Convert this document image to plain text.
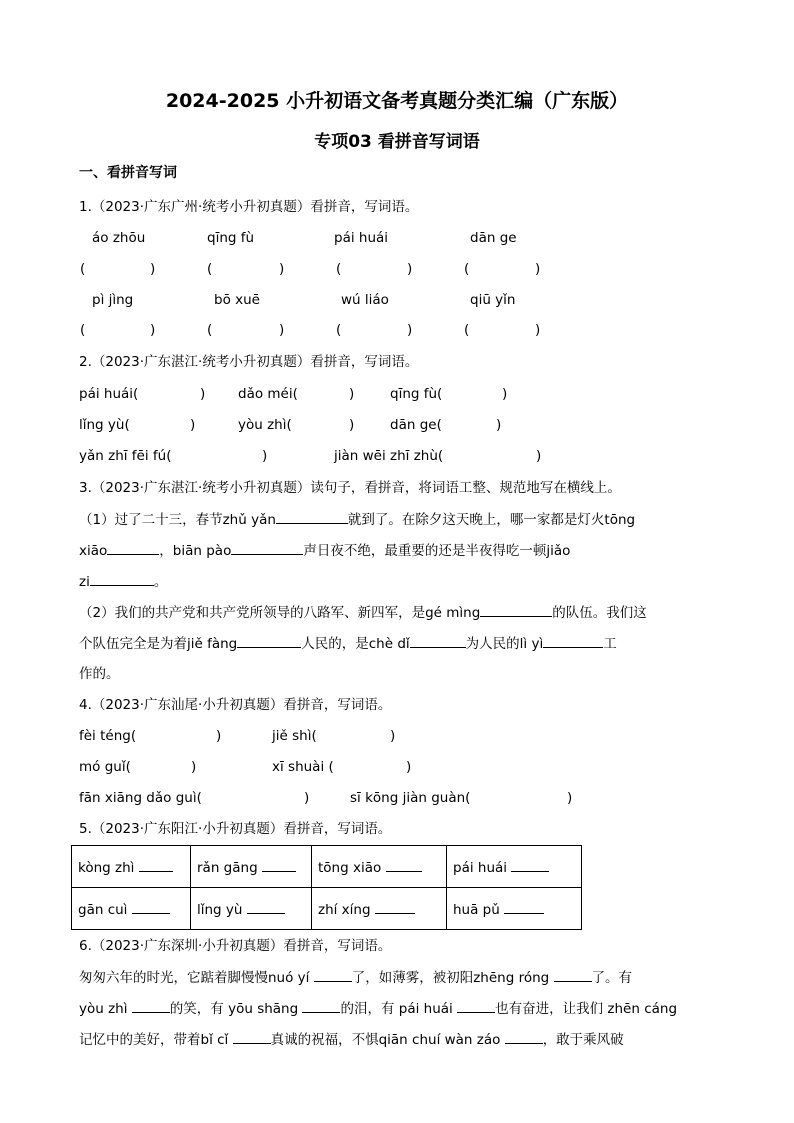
2024-2025 小升初语文备考真题分类汇编（广东版）
专项03 看拼音写词语
一、看拼音写词
1.（2023·广东广州·统考小升初真题）看拼音，写词语。
áo zhōu	qīng fù	pái huái	dān ge
(	)	(	)	(	)	(	)
pì jìng	bō xuē	wú liáo	qiū yǐn
(	)	(	)	(	)	(	)
2.（2023·广东湛江·统考小升初真题）看拼音，写词语。
pái huái(	) dǎo méi(	)	qīng fù(	)
lǐng yù(	)	yòu zhì(	)	dān ge(	)
yǎn zhī fēi fú(	)	jiàn wēi zhī zhù(	)
3.（2023·广东湛江·统考小升初真题）读句子，看拼音，将词语工整、规范地写在横线上。
（1）过了二十三，春节zhǔ yǎn	就到了。在除夕这天晚上，哪一家都是灯火tōng
xiāo	，biān pào	声日夜不绝，最重要的还是半夜得吃一顿jiǎo
zi	。
（2）我们的共产党和共产党所领导的八路军、新四军，是gé mìng	的队伍。我们这
个队伍完全是为着jiě fàng	人民的，是chè dǐ	为人民的lì yì	工
作的。
4.（2023·广东汕尾·小升初真题）看拼音，写词语。
fèi téng(	)	jiě shì(	)
mó guǐ(	)	xī shuài (	)
fān xiāng dǎo guì(	)	sī kōng jiàn guàn(	)
5.（2023·广东阳江·小升初真题）看拼音，写词语。
kòng zhì	rǎn gāng	tōng xiāo	pái huái
gān cuì	lǐng yù	zhí xíng	huā pǔ
6.（2023·广东深圳·小升初真题）看拼音，写词语。
匆匆六年的时光，它踮着脚慢慢nuó yí	了，如薄雾，被初阳zhēng róng	了。有
yòu zhì	的笑，有 yōu shāng	的泪，有 pái huái	也有奋进，让我们 zhēn cáng
记忆中的美好，带着bǐ cǐ	真诚的祝福，不惧qiān chuí wàn záo	，敢于乘风破
